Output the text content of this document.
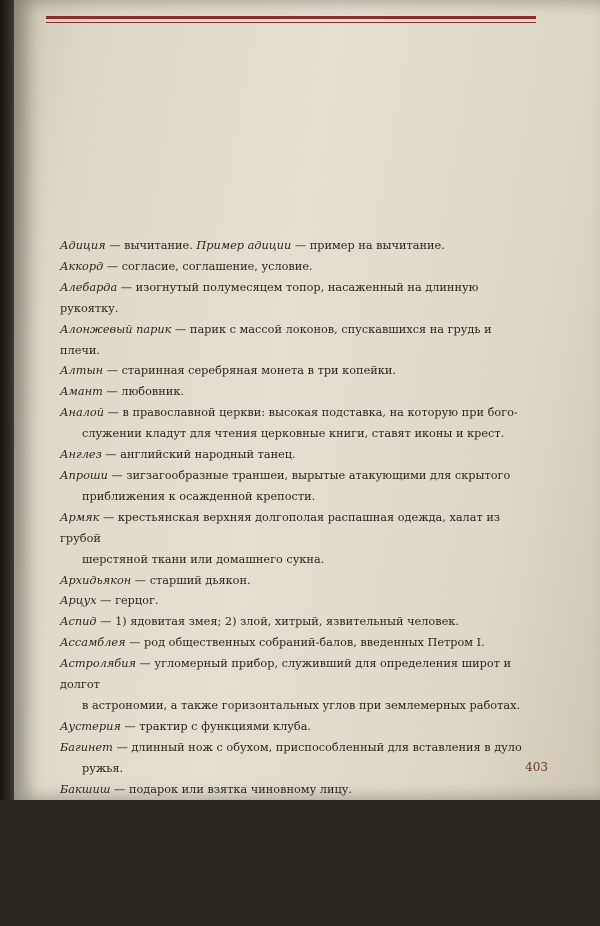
Адиция — вычитание. Пример адиции — пример на вычитание.
Аккорд — согласие, соглашение, условие.
Алебарда — изогнутый полумесяцем топор, насаженный на длинную рукоятку.
Алонжевый парик — парик с массой локонов, спускавшихся на грудь и плечи.
Алтын — старинная серебряная монета в три копейки.
Амант — любовник.
Аналой — в православной церкви: высокая подставка, на которую при бого-
служении кладут для чтения церковные книги, ставят иконы и крест.
Англез — английский народный танец.
Апроши — зигзагообразные траншеи, вырытые атакующими для скрытого
приближения к осажденной крепости.
Армяк — крестьянская верхняя долгополая распашная одежда, халат из грубой
шерстяной ткани или домашнего сукна.
Архидьякон — старший дьякон.
Арцух — герцог.
Аспид — 1) ядовитая змея; 2) злой, хитрый, язвительный человек.
Ассамблея — род общественных собраний-балов, введенных Петром I.
Астролябия — угломерный прибор, служивший для определения широт и долгот
в астрономии, а также горизонтальных углов при землемерных работах.
Аустерия — трактир с функциями клуба.
Багинет — длинный нож с обухом, приспособленный для вставления в дуло
ружья.
Бакшиш — подарок или взятка чиновному лицу.
Банник — щетка цилиндрической формы на длинной составной палке для
чистки и смазки канала орудийного ствола.
Бармы — широкий лежачий воротник из парчи, унизанный драгоценными
камнями, составная часть царского облачения на Руси до Петра I.
Батоги — палки, которыми наказывали преступников.
Бердыш — то же, что алебарда.
403
